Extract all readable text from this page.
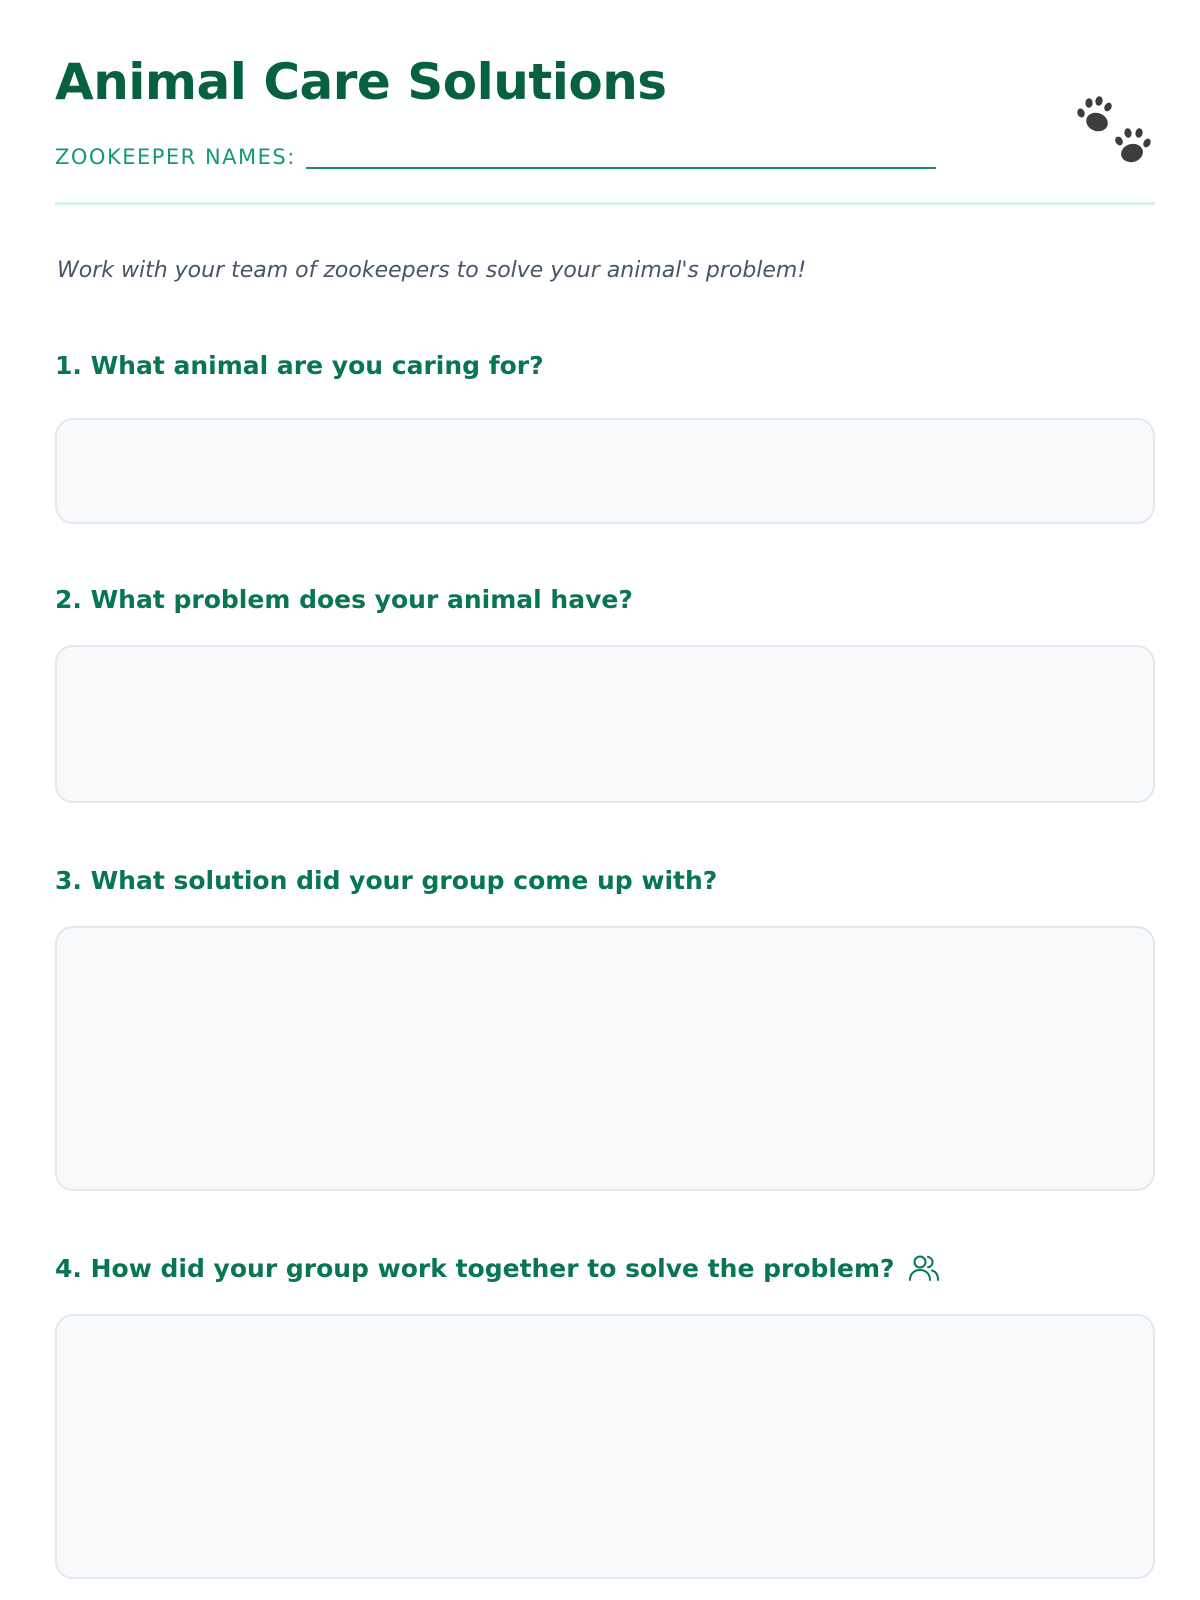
Animal Care Solutions
ZOOKEEPER NAMES:
Work with your team of zookeepers to solve your animal's problem!
1. What animal are you caring for?
2. What problem does your animal have?
3. What solution did your group come up with?
4. How did your group work together to solve the problem?
